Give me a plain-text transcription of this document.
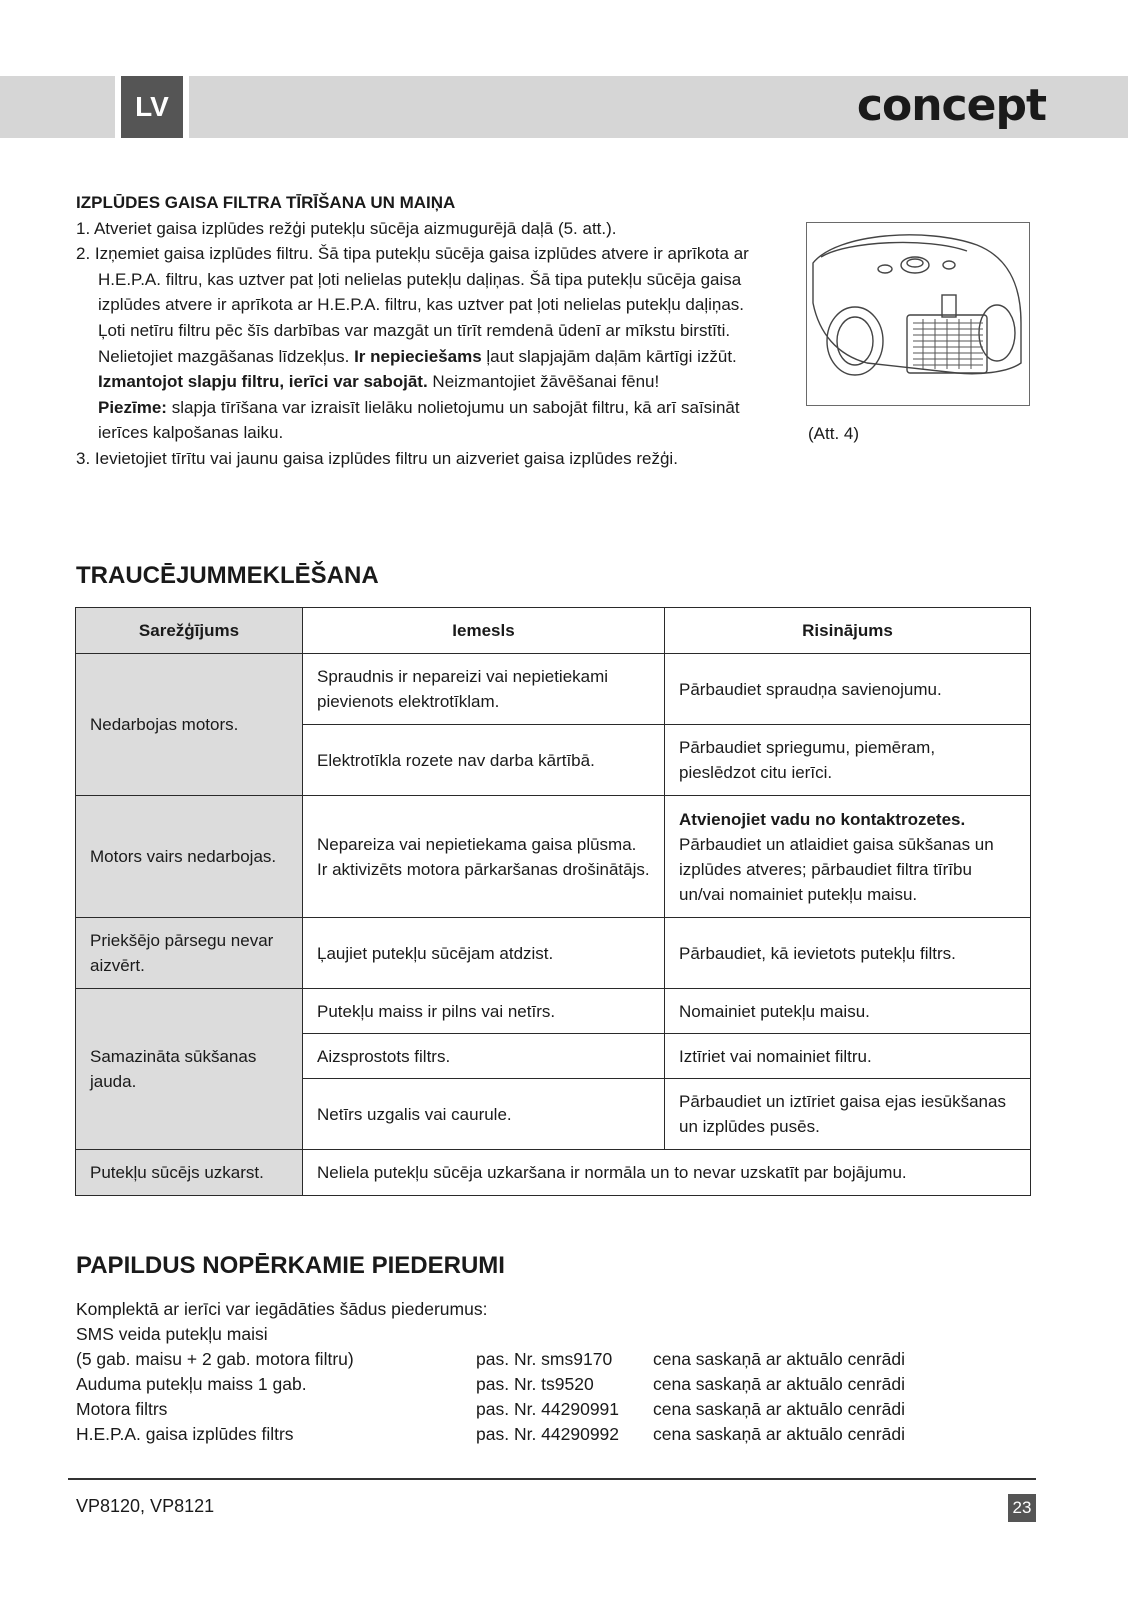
LV	concept
IZPLŪDES GAISA FILTRA TĪRĪŠANA UN MAIŅA
1. Atveriet gaisa izplūdes režģi putekļu sūcēja aizmugurējā daļā (5. att.).
2. Izņemiet gaisa izplūdes filtru. Šā tipa putekļu sūcēja gaisa izplūdes atvere ir aprīkota ar
H.E.P.A. filtru, kas uztver pat ļoti nelielas putekļu daļiņas. Šā tipa putekļu sūcēja gaisa
izplūdes atvere ir aprīkota ar H.E.P.A. filtru, kas uztver pat ļoti nelielas putekļu daļiņas.
Ļoti netīru filtru pēc šīs darbības var mazgāt un tīrīt remdenā ūdenī ar mīkstu birstīti.
Nelietojiet mazgāšanas līdzekļus. Ir nepieciešams ļaut slapjajām daļām kārtīgi izžūt.
Izmantojot slapju filtru, ierīci var sabojāt. Neizmantojiet žāvēšanai fēnu!
Piezīme: slapja tīrīšana var izraisīt lielāku nolietojumu un sabojāt filtru, kā arī saīsināt
ierīces kalpošanas laiku.
3. Ievietojiet tīrītu vai jaunu gaisa izplūdes filtru un aizveriet gaisa izplūdes režģi.
(Att. 4)
TRAUCĒJUMMEKLĒŠANA
Sarežģījums	Iemesls	Risinājums
Nedarbojas motors.	Spraudnis ir nepareizi vai nepietiekami pievienots elektrotīklam.	Pārbaudiet spraudņa savienojumu.
	Elektrotīkla rozete nav darba kārtībā.	Pārbaudiet spriegumu, piemēram, pieslēdzot citu ierīci.
Motors vairs nedarbojas.	Nepareiza vai nepietiekama gaisa plūsma. Ir aktivizēts motora pārkaršanas drošinātājs.	Atvienojiet vadu no kontaktrozetes.
Pārbaudiet un atlaidiet gaisa sūkšanas un izplūdes atveres; pārbaudiet filtra tīrību un/vai nomainiet putekļu maisu.
Priekšējo pārsegu nevar aizvērt.	Ļaujiet putekļu sūcējam atdzist.	Pārbaudiet, kā ievietots putekļu filtrs.
Samazināta sūkšanas jauda.	Putekļu maiss ir pilns vai netīrs.	Nomainiet putekļu maisu.
	Aizsprostots filtrs.	Iztīriet vai nomainiet filtru.
	Netīrs uzgalis vai caurule.	Pārbaudiet un iztīriet gaisa ejas iesūkšanas un izplūdes pusēs.
Putekļu sūcējs uzkarst.	Neliela putekļu sūcēja uzkaršana ir normāla un to nevar uzskatīt par bojājumu.	
PAPILDUS NOPĒRKAMIE PIEDERUMI
Komplektā ar ierīci var iegādāties šādus piederumus:
SMS veida putekļu maisi
(5 gab. maisu + 2 gab. motora filtru)	pas. Nr. sms9170	cena saskaņā ar aktuālo cenrādi
Auduma putekļu maiss 1 gab.	pas. Nr. ts9520	cena saskaņā ar aktuālo cenrādi
Motora filtrs	pas. Nr. 44290991	cena saskaņā ar aktuālo cenrādi
H.E.P.A. gaisa izplūdes filtrs	pas. Nr. 44290992	cena saskaņā ar aktuālo cenrādi
VP8120, VP8121	23
